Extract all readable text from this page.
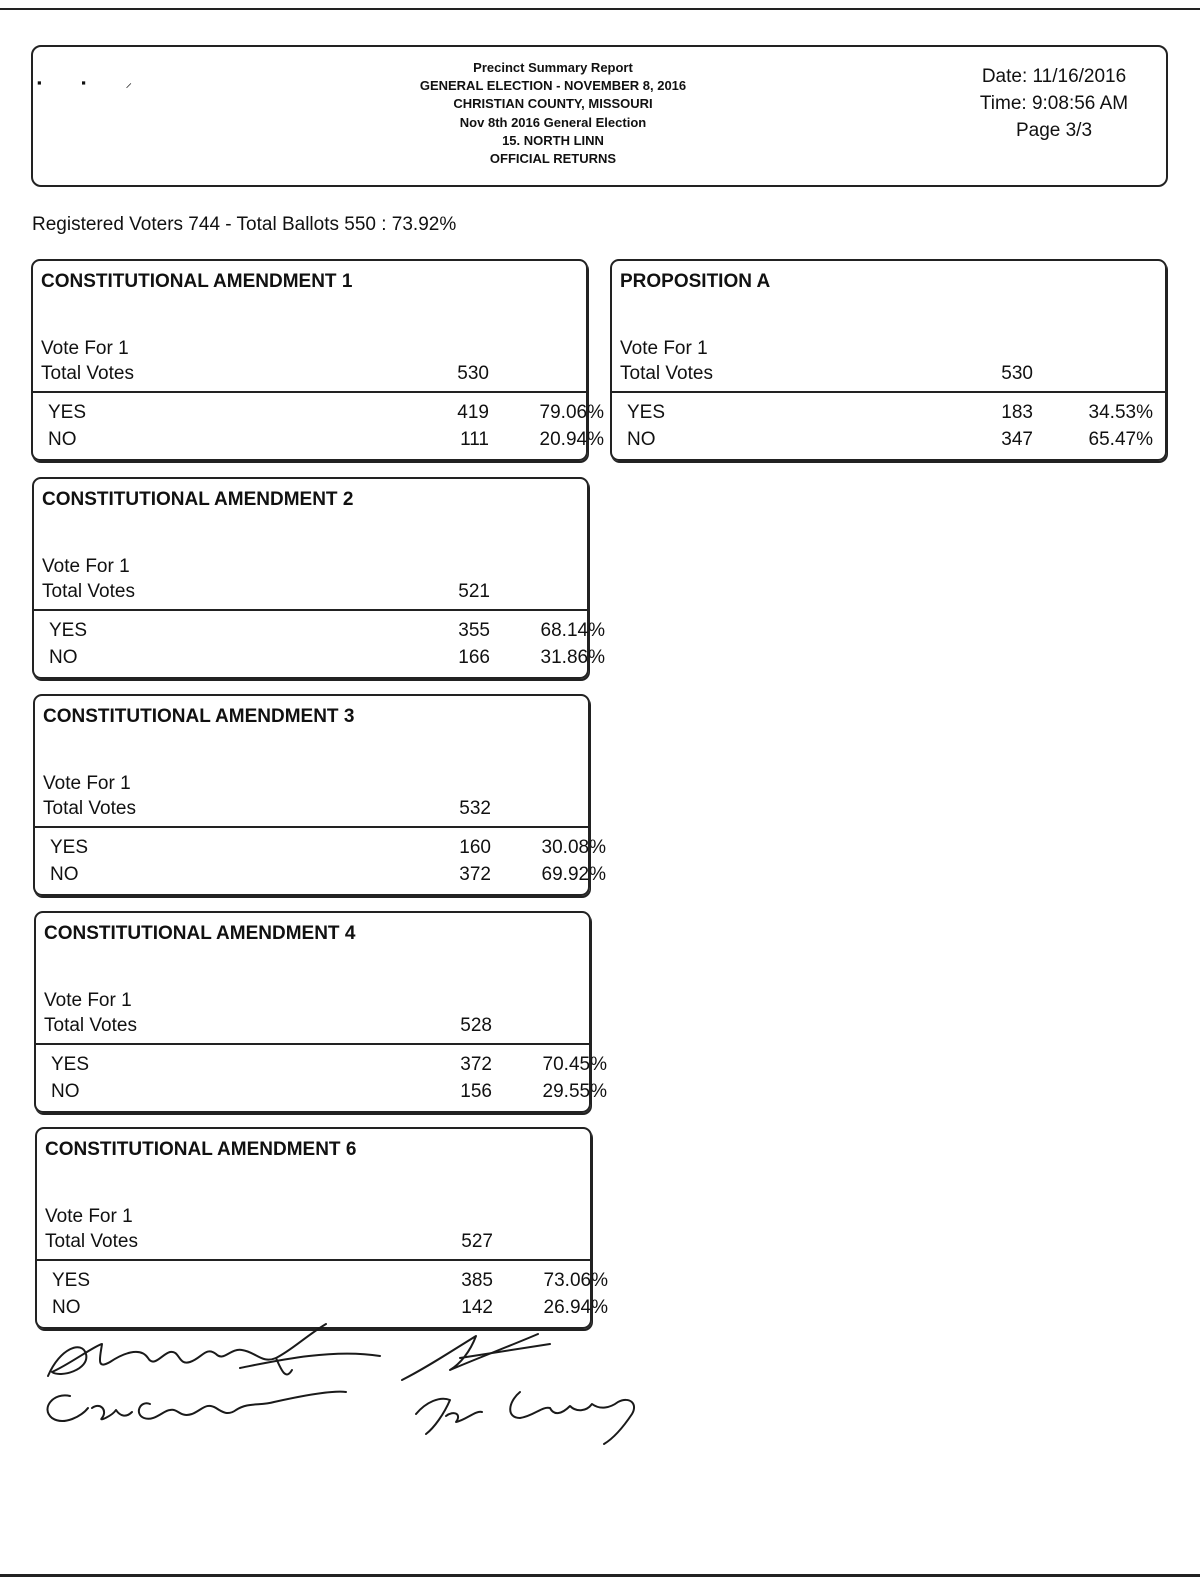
▪ ▪ ⸝
Precinct Summary Report
GENERAL ELECTION - NOVEMBER 8, 2016
CHRISTIAN COUNTY, MISSOURI
Nov 8th 2016 General Election
15. NORTH LINN
OFFICIAL RETURNS
Date: 11/16/2016
Time: 9:08:56 AM
Page 3/3
Registered Voters 744 - Total Ballots 550 : 73.92%
CONSTITUTIONAL AMENDMENT 1
Vote For 1
Total Votes	530
YES	419	79.06%
NO	111	20.94%
PROPOSITION A
Vote For 1
Total Votes	530
YES	183	34.53%
NO	347	65.47%
CONSTITUTIONAL AMENDMENT 2
Vote For 1
Total Votes	521
YES	355	68.14%
NO	166	31.86%
CONSTITUTIONAL AMENDMENT 3
Vote For 1
Total Votes	532
YES	160	30.08%
NO	372	69.92%
CONSTITUTIONAL AMENDMENT 4
Vote For 1
Total Votes	528
YES	372	70.45%
NO	156	29.55%
CONSTITUTIONAL AMENDMENT 6
Vote For 1
Total Votes	527
YES	385	73.06%
NO	142	26.94%
